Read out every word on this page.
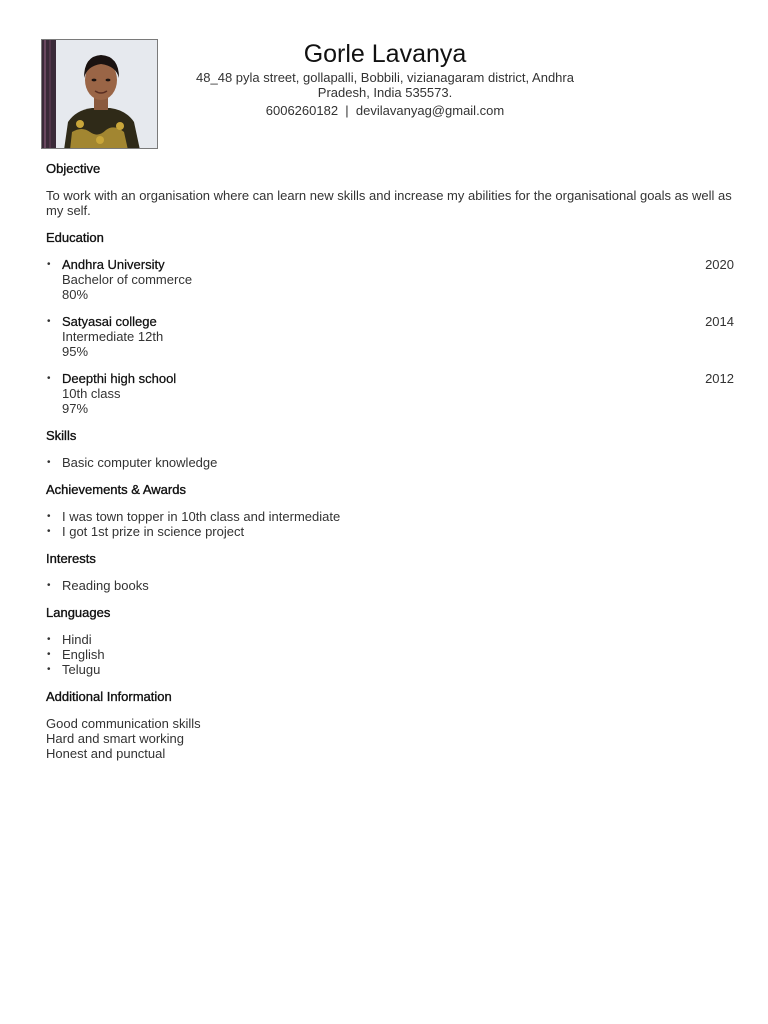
Gorle Lavanya
48_48 pyla street, gollapalli, Bobbili, vizianagaram district, Andhra Pradesh, India 535573.
6006260182 | devilavanyag@gmail.com
Objective
To work with an organisation where can learn new skills and increase my abilities for the organisational goals as well as my self.
Education
• Andhra University
Bachelor of commerce
80%
2020
• Satyasai college
Intermediate 12th
95%
2014
• Deepthi high school
10th class
97%
2012
Skills
• Basic computer knowledge
Achievements & Awards
• I was town topper in 10th class and intermediate
• I got 1st prize in science project
Interests
• Reading books
Languages
• Hindi
• English
• Telugu
Additional Information
Good communication skills
Hard and smart working
Honest and punctual
